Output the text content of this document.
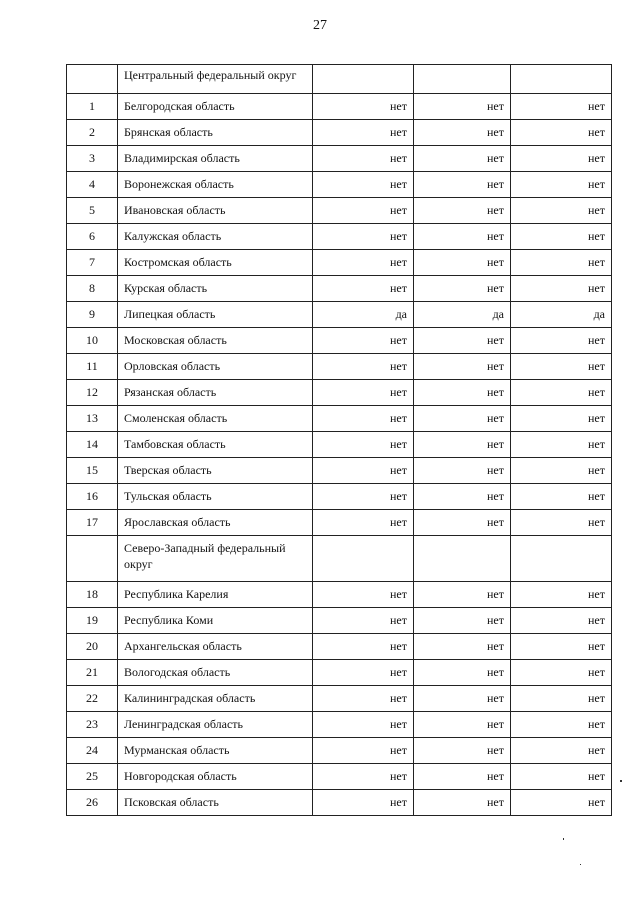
27
	Центральный федеральный округ			
1	Белгородская область	нет	нет	нет
2	Брянская область	нет	нет	нет
3	Владимирская область	нет	нет	нет
4	Воронежская область	нет	нет	нет
5	Ивановская область	нет	нет	нет
6	Калужская область	нет	нет	нет
7	Костромская область	нет	нет	нет
8	Курская область	нет	нет	нет
9	Липецкая область	да	да	да
10	Московская область	нет	нет	нет
11	Орловская область	нет	нет	нет
12	Рязанская область	нет	нет	нет
13	Смоленская область	нет	нет	нет
14	Тамбовская область	нет	нет	нет
15	Тверская область	нет	нет	нет
16	Тульская область	нет	нет	нет
17	Ярославская область	нет	нет	нет
	Северо-Западный федеральный округ			
18	Республика Карелия	нет	нет	нет
19	Республика Коми	нет	нет	нет
20	Архангельская область	нет	нет	нет
21	Вологодская область	нет	нет	нет
22	Калининградская область	нет	нет	нет
23	Ленинградская область	нет	нет	нет
24	Мурманская область	нет	нет	нет
25	Новгородская область	нет	нет	нет
26	Псковская область	нет	нет	нет
